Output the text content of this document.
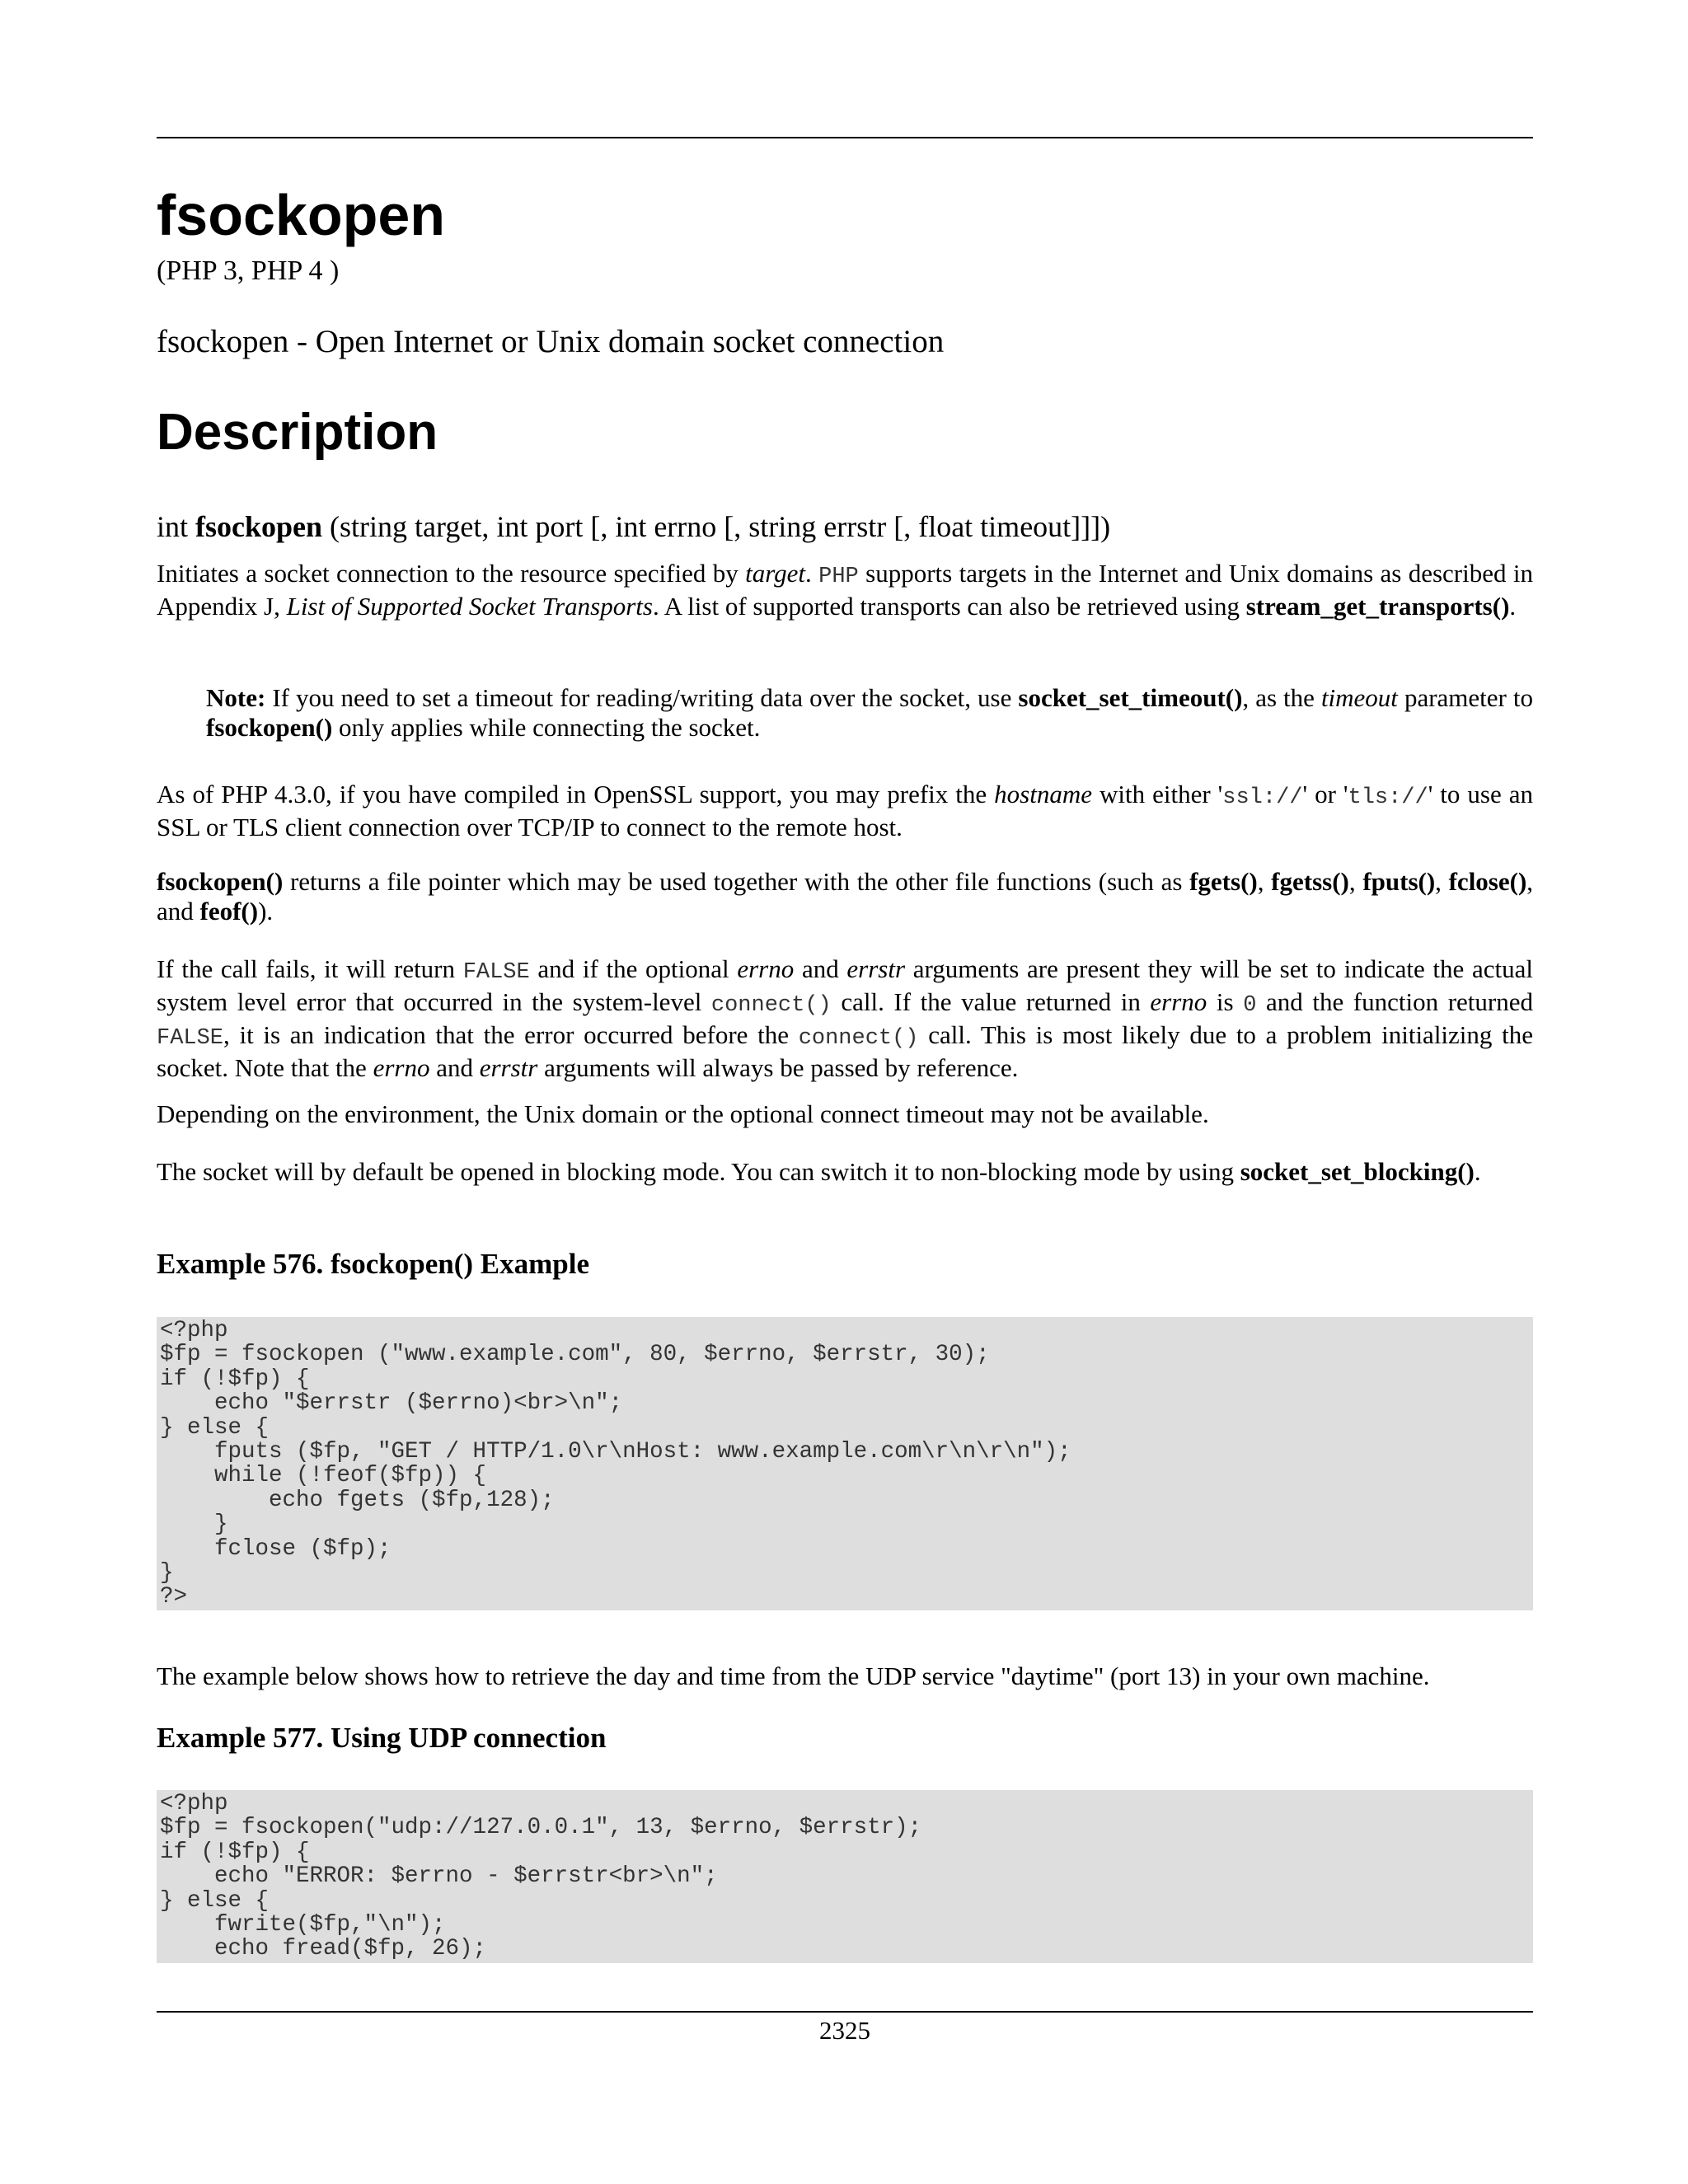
fsockopen
(PHP 3, PHP 4 )
fsockopen - Open Internet or Unix domain socket connection
Description
int fsockopen (string target, int port [, int errno [, string errstr [, float timeout]]])

Initiates a socket connection to the resource specified by target. PHP supports targets in the Internet and Unix domains as described in Appendix J, List of Supported Socket Transports. A list of supported transports can also be retrieved using stream_get_transports().

Note: If you need to set a timeout for reading/writing data over the socket, use socket_set_timeout(), as the timeout parameter to fsockopen() only applies while connecting the socket.

As of PHP 4.3.0, if you have compiled in OpenSSL support, you may prefix the hostname with either 'ssl://' or 'tls://' to use an SSL or TLS client connection over TCP/IP to connect to the remote host.

fsockopen() returns a file pointer which may be used together with the other file functions (such as fgets(), fgetss(), fputs(), fclose(), and feof()).

If the call fails, it will return FALSE and if the optional errno and errstr arguments are present they will be set to indicate the actual system level error that occurred in the system-level connect() call. If the value returned in errno is 0 and the function returned FALSE, it is an indication that the error occurred before the connect() call. This is most likely due to a problem initializing the socket. Note that the errno and errstr arguments will always be passed by reference.

Depending on the environment, the Unix domain or the optional connect timeout may not be available.

The socket will by default be opened in blocking mode. You can switch it to non-blocking mode by using socket_set_blocking().

Example 576. fsockopen() Example
<?php
$fp = fsockopen ("www.example.com", 80, $errno, $errstr, 30);
if (!$fp) {
echo "$errstr ($errno)<br>\n";
} else {
fputs ($fp, "GET / HTTP/1.0\r\nHost: www.example.com\r\n\r\n");
while (!feof($fp)) {
echo fgets ($fp,128);
}
fclose ($fp);
}
?>

The example below shows how to retrieve the day and time from the UDP service "daytime" (port 13) in your own machine.

Example 577. Using UDP connection
<?php
$fp = fsockopen("udp://127.0.0.1", 13, $errno, $errstr);
if (!$fp) {
echo "ERROR: $errno - $errstr<br>\n";
} else {
fwrite($fp,"\n");
echo fread($fp, 26);
2325
